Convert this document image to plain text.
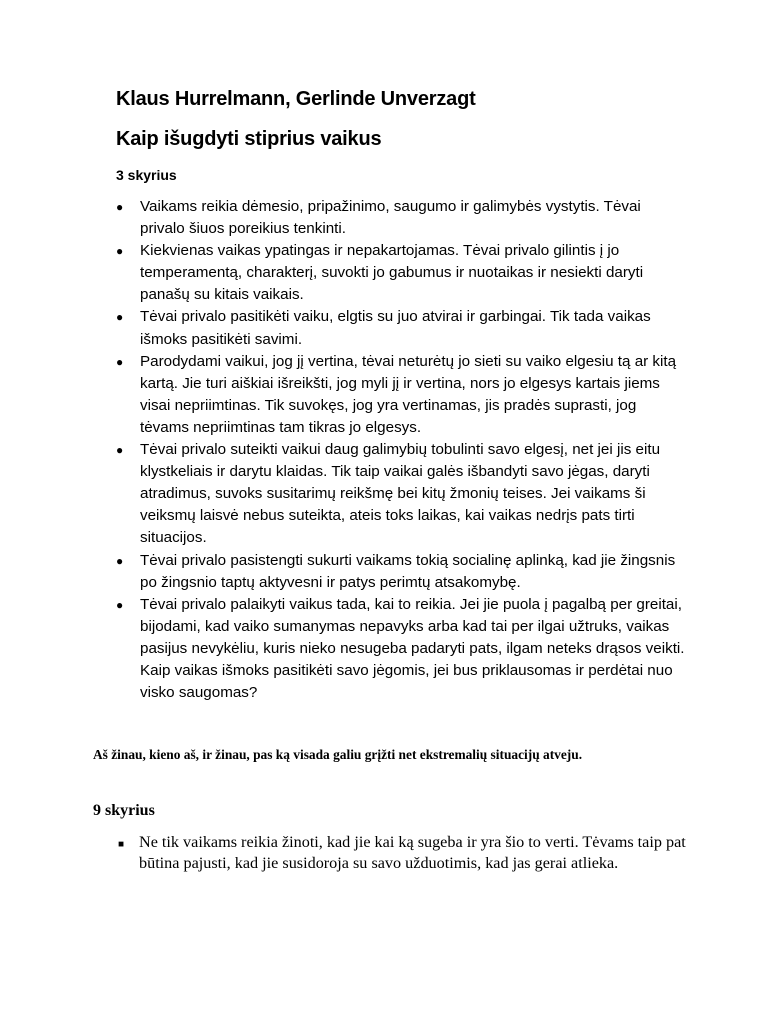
Klaus Hurrelmann, Gerlinde Unverzagt
Kaip išugdyti stiprius vaikus
3 skyrius
● Vaikams reikia dėmesio, pripažinimo, saugumo ir galimybės vystytis. Tėvai privalo šiuos poreikius tenkinti.
● Kiekvienas vaikas ypatingas ir nepakartojamas. Tėvai privalo gilintis į jo temperamentą, charakterį, suvokti jo gabumus ir nuotaikas ir nesiekti daryti panašų su kitais vaikais.
● Tėvai privalo pasitikėti vaiku, elgtis su juo atvirai ir garbingai. Tik tada vaikas išmoks pasitikėti savimi.
● Parodydami vaikui, jog jį vertina, tėvai neturėtų jo sieti su vaiko elgesiu tą ar kitą kartą. Jie turi aiškiai išreikšti, jog myli jį ir vertina, nors jo elgesys kartais jiems visai nepriimtinas. Tik suvokęs, jog yra vertinamas, jis pradės suprasti, jog tėvams nepriimtinas tam tikras jo elgesys.
● Tėvai privalo suteikti vaikui daug galimybių tobulinti savo elgesį, net jei jis eitu klystkeliais ir darytu klaidas. Tik taip vaikai galės išbandyti savo jėgas, daryti atradimus, suvoks susitarimų reikšmę bei kitų žmonių teises. Jei vaikams ši veiksmų laisvė nebus suteikta, ateis toks laikas, kai vaikas nedrįs pats tirti situacijos.
● Tėvai privalo pasistengti sukurti vaikams tokią socialinę aplinką, kad jie žingsnis po žingsnio taptų aktyvesni ir patys perimtų atsakomybę.
● Tėvai privalo palaikyti vaikus tada, kai to reikia. Jei jie puola į pagalbą per greitai, bijodami, kad vaiko sumanymas nepavyks arba kad tai per ilgai užtruks, vaikas pasijus nevykėliu, kuris nieko nesugeba padaryti pats, ilgam neteks drąsos veikti. Kaip vaikas išmoks pasitikėti savo jėgomis, jei bus priklausomas ir perdėtai nuo visko saugomas?

Aš žinau, kieno aš, ir žinau, pas ką visada galiu grįžti net ekstremalių situacijų atveju.

9 skyrius
■ Ne tik vaikams reikia žinoti, kad jie kai ką sugeba ir yra šio to verti. Tėvams taip pat būtina pajusti, kad jie susidoroja su savo užduotimis, kad jas gerai atlieka.
